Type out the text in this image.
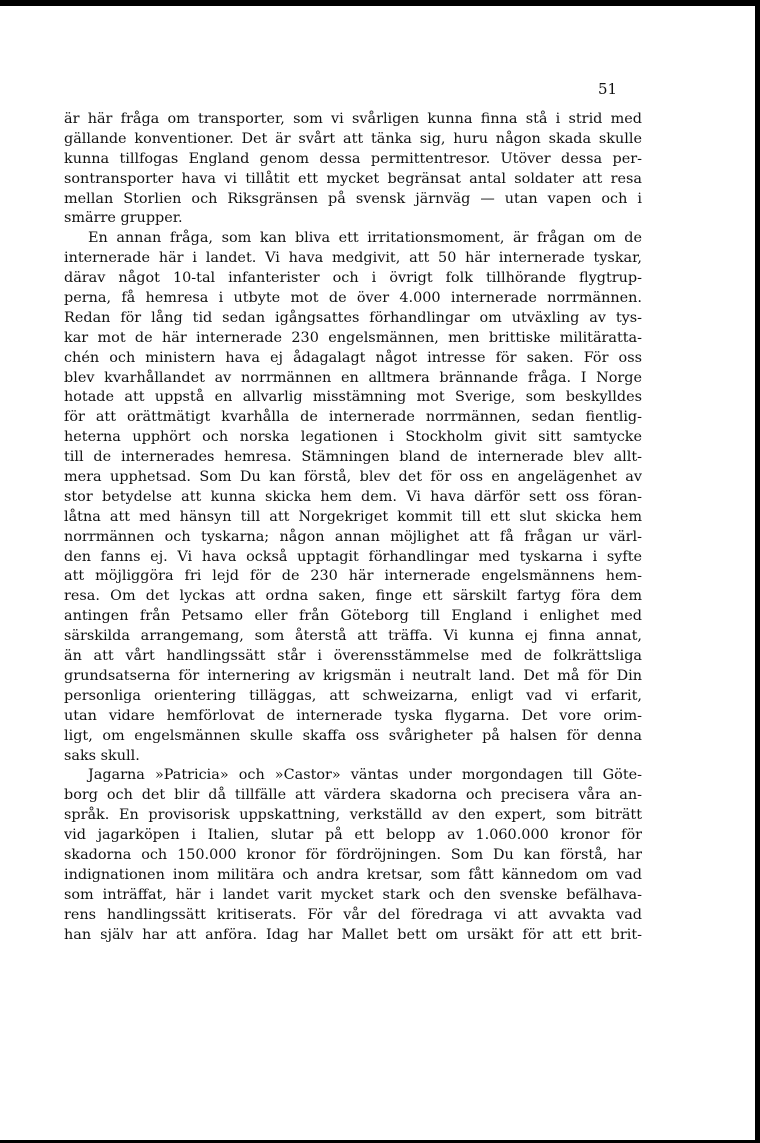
51
är här fråga om transporter, som vi svårligen kunna finna stå i strid med
gällande konventioner. Det är svårt att tänka sig, huru någon skada skulle
kunna tillfogas England genom dessa permittentresor. Utöver dessa per-
sontransporter hava vi tillåtit ett mycket begränsat antal soldater att resa
mellan Storlien och Riksgränsen på svensk järnväg — utan vapen och i
smärre grupper.
En annan fråga, som kan bliva ett irritationsmoment, är frågan om de
internerade här i landet. Vi hava medgivit, att 50 här internerade tyskar,
därav något 10-tal infanterister och i övrigt folk tillhörande flygtrup-
perna, få hemresa i utbyte mot de över 4.000 internerade norrmännen.
Redan för lång tid sedan igångsattes förhandlingar om utväxling av tys-
kar mot de här internerade 230 engelsmännen, men brittiske militäratta-
chén och ministern hava ej ådagalagt något intresse för saken. För oss
blev kvarhållandet av norrmännen en alltmera brännande fråga. I Norge
hotade att uppstå en allvarlig misstämning mot Sverige, som beskylldes
för att orättmätigt kvarhålla de internerade norrmännen, sedan fientlig-
heterna upphört och norska legationen i Stockholm givit sitt samtycke
till de internerades hemresa. Stämningen bland de internerade blev allt-
mera upphetsad. Som Du kan förstå, blev det för oss en angelägenhet av
stor betydelse att kunna skicka hem dem. Vi hava därför sett oss föran-
låtna att med hänsyn till att Norgekriget kommit till ett slut skicka hem
norrmännen och tyskarna; någon annan möjlighet att få frågan ur värl-
den fanns ej. Vi hava också upptagit förhandlingar med tyskarna i syfte
att möjliggöra fri lejd för de 230 här internerade engelsmännens hem-
resa. Om det lyckas att ordna saken, finge ett särskilt fartyg föra dem
antingen från Petsamo eller från Göteborg till England i enlighet med
särskilda arrangemang, som återstå att träffa. Vi kunna ej finna annat,
än att vårt handlingssätt står i överensstämmelse med de folkrättsliga
grundsatserna för internering av krigsmän i neutralt land. Det må för Din
personliga orientering tilläggas, att schweizarna, enligt vad vi erfarit,
utan vidare hemförlovat de internerade tyska flygarna. Det vore orim-
ligt, om engelsmännen skulle skaffa oss svårigheter på halsen för denna
saks skull.
Jagarna »Patricia» och »Castor» väntas under morgondagen till Göte-
borg och det blir då tillfälle att värdera skadorna och precisera våra an-
språk. En provisorisk uppskattning, verkställd av den expert, som biträtt
vid jagarköpen i Italien, slutar på ett belopp av 1.060.000 kronor för
skadorna och 150.000 kronor för fördröjningen. Som Du kan förstå, har
indignationen inom militära och andra kretsar, som fått kännedom om vad
som inträffat, här i landet varit mycket stark och den svenske befälhava-
rens handlingssätt kritiserats. För vår del föredraga vi att avvakta vad
han själv har att anföra. Idag har Mallet bett om ursäkt för att ett brit-
